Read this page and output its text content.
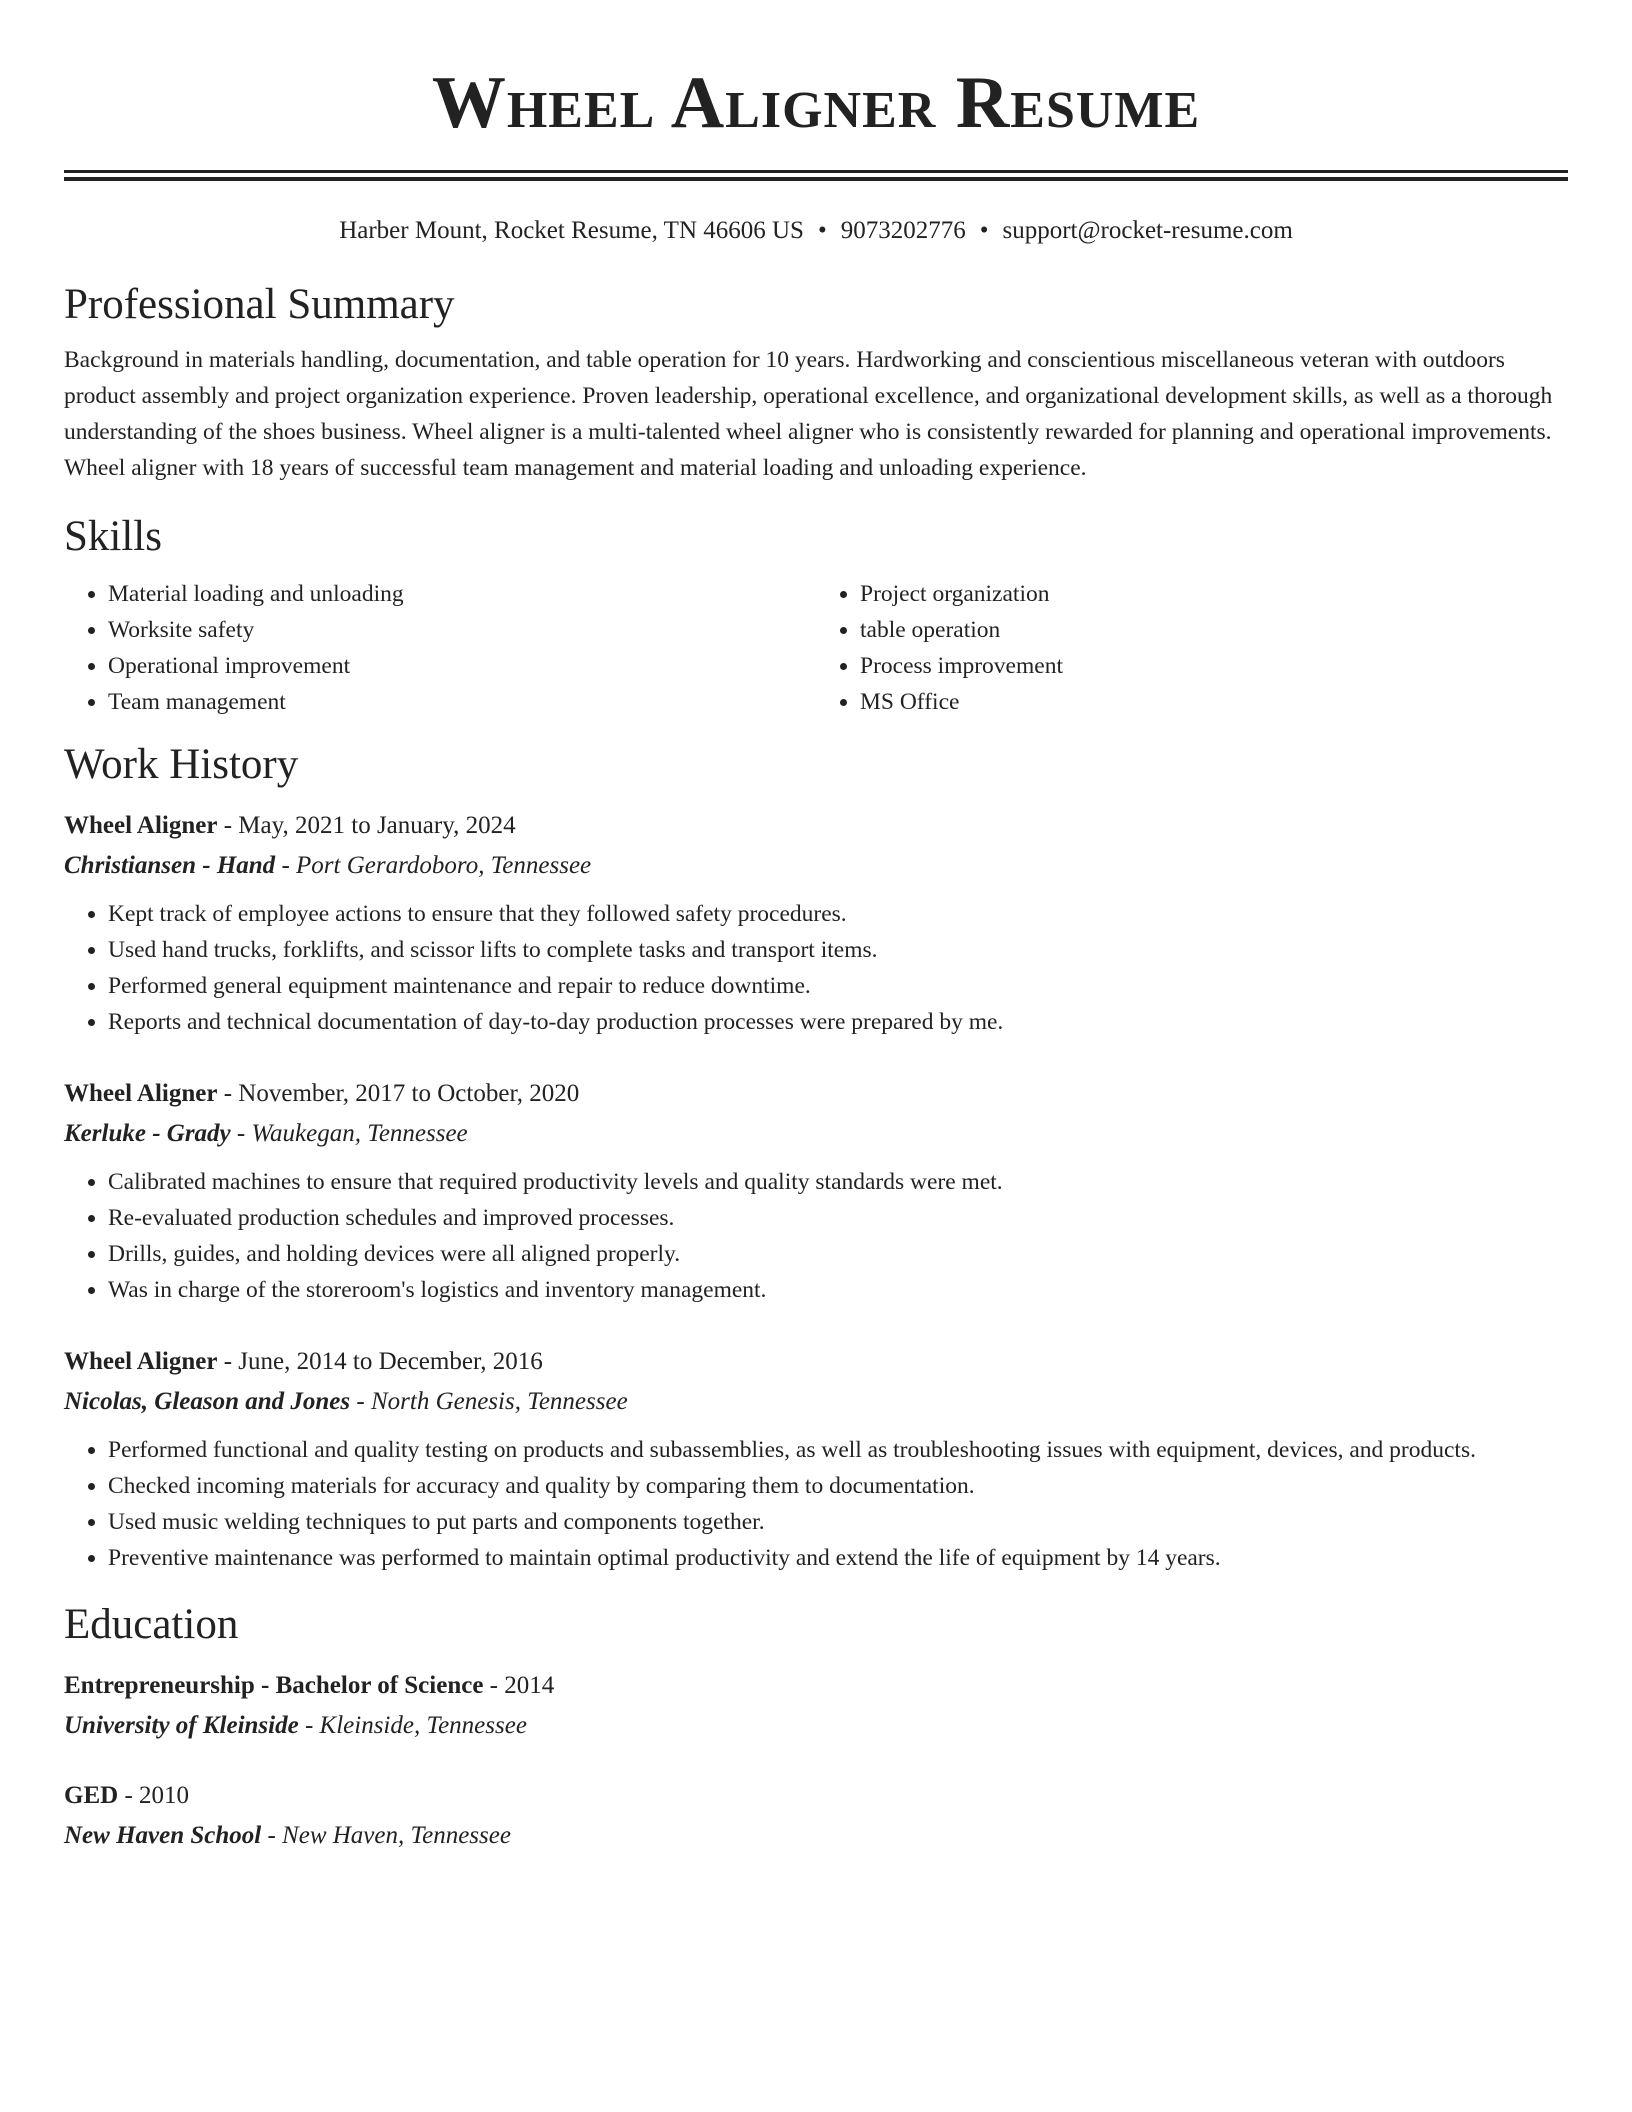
Wheel Aligner Resume
Harber Mount, Rocket Resume, TN 46606 US • 9073202776 • support@rocket-resume.com
Professional Summary

Background in materials handling, documentation, and table operation for 10 years. Hardworking and conscientious miscellaneous veteran with outdoors product assembly and project organization experience. Proven leadership, operational excellence, and organizational development skills, as well as a thorough understanding of the shoes business. Wheel aligner is a multi-talented wheel aligner who is consistently rewarded for planning and operational improvements. Wheel aligner with 18 years of successful team management and material loading and unloading experience.

Skills
• Material loading and unloading
• Worksite safety
• Operational improvement
• Team management
• Project organization
• table operation
• Process improvement
• MS Office
Work History
Wheel Aligner - May, 2021 to January, 2024
Christiansen - Hand - Port Gerardoboro, Tennessee
• Kept track of employee actions to ensure that they followed safety procedures.
• Used hand trucks, forklifts, and scissor lifts to complete tasks and transport items.
• Performed general equipment maintenance and repair to reduce downtime.
• Reports and technical documentation of day-to-day production processes were prepared by me.
Wheel Aligner - November, 2017 to October, 2020
Kerluke - Grady - Waukegan, Tennessee
• Calibrated machines to ensure that required productivity levels and quality standards were met.
• Re-evaluated production schedules and improved processes.
• Drills, guides, and holding devices were all aligned properly.
• Was in charge of the storeroom's logistics and inventory management.
Wheel Aligner - June, 2014 to December, 2016
Nicolas, Gleason and Jones - North Genesis, Tennessee
• Performed functional and quality testing on products and subassemblies, as well as troubleshooting issues with equipment, devices, and products.
• Checked incoming materials for accuracy and quality by comparing them to documentation.
• Used music welding techniques to put parts and components together.
• Preventive maintenance was performed to maintain optimal productivity and extend the life of equipment by 14 years.
Education
Entrepreneurship - Bachelor of Science - 2014
University of Kleinside - Kleinside, Tennessee
GED - 2010
New Haven School - New Haven, Tennessee
